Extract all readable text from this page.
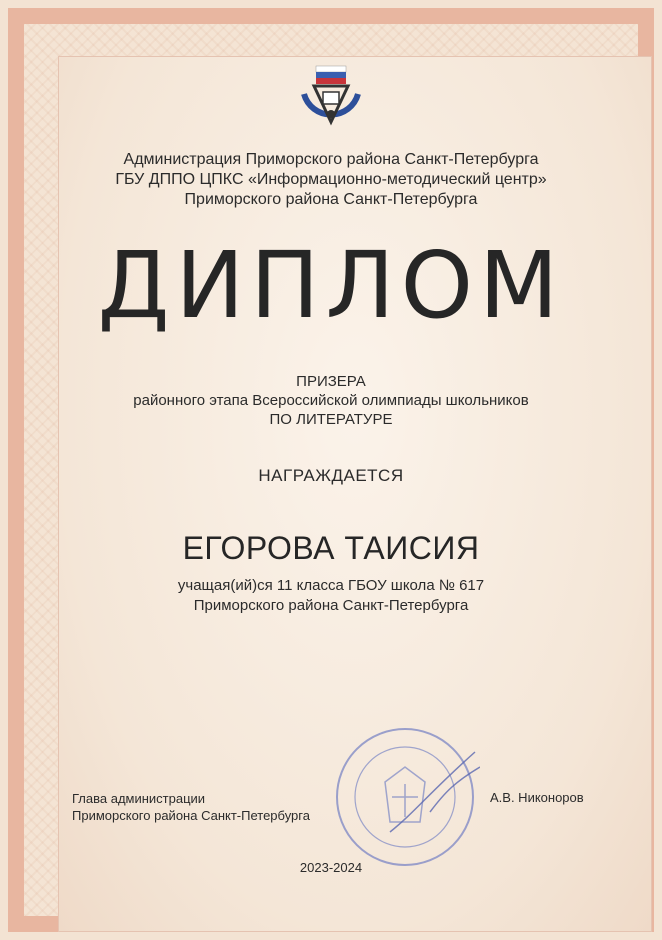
Администрация Приморского района Санкт-Петербурга
ГБУ ДППО ЦПКС «Информационно-методический центр»
Приморского района Санкт-Петербурга
ДИПЛОМ
ПРИЗЕРА
районного этапа Всероссийской олимпиады школьников
ПО ЛИТЕРАТУРЕ
НАГРАЖДАЕТСЯ
ЕГОРОВА ТАИСИЯ
учащая(ий)ся 11 класса ГБОУ школа № 617
Приморского района Санкт-Петербурга
Глава администрации
Приморского района Санкт-Петербурга
А.В. Никоноров
2023-2024
